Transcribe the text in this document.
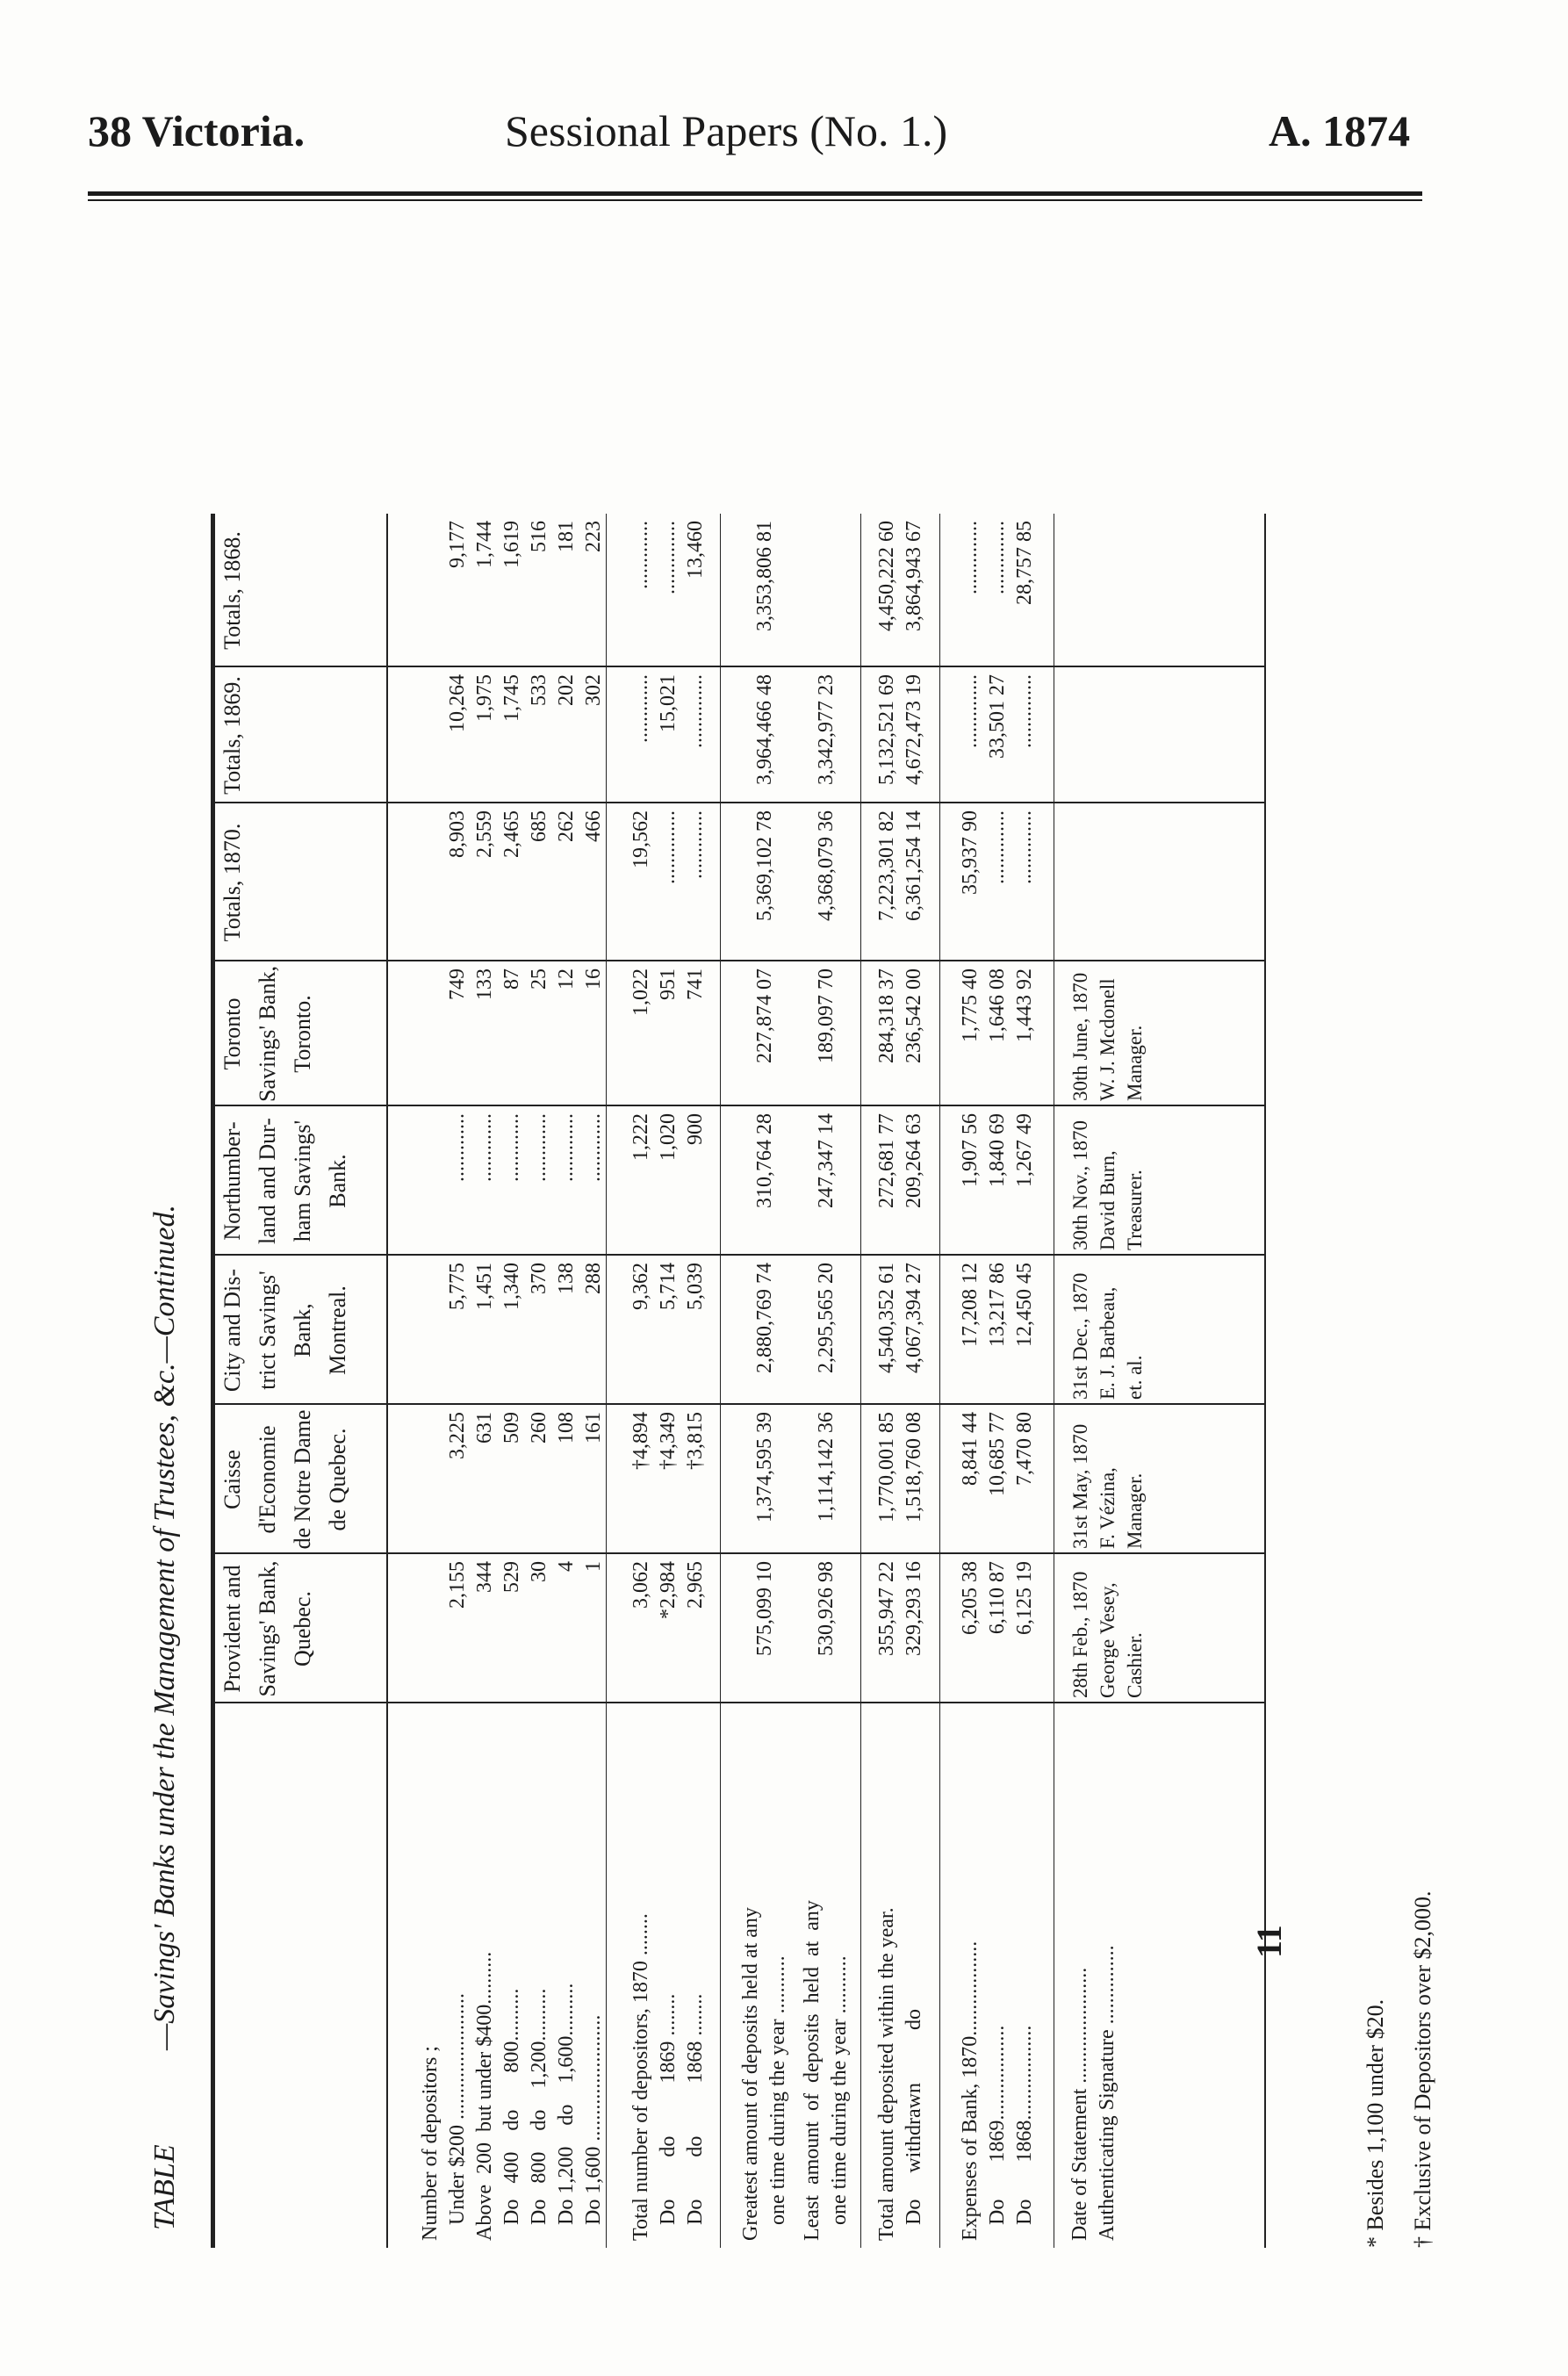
38 Victoria.	Sessional Papers (No. 1.)	A. 1874
TABLE
—Savings' Banks under the Management of Trustees, &c.—Continued. Provident and Savings' Bank, Quebec.
Caisse d'Economie de Notre Dame de Quebec.
City and Dis- trict Savings' Bank, Montreal.
Northumber- land and Dur- ham Savings' Bank.
Toronto Savings' Bank, Toronto.
Totals, 1870.
Totals, 1869.
Totals, 1868.
Number of depositors ; Under $200 ........................ Above  200  but under $400.......... Do   400    do       800.......... Do   800    do    1,200.......... Do 1,200    do    1,600.......... Do 1,600 ........................
2,155 344 529 30 4 1
3,225 631 509 260 108 161
5,775 1,451 1,340 370 138 288
............. ............. ............. ............. ............. .............
749 133 87 25 12 16
8,903 2,559 2,465 685 262 466
10,264 1,975 1,745 533 202 302
9,177 1,744 1,619 516 181 223
Total number of depositors, 1870 ........ Do        do          1869 ........ Do        do          1868 ........
3,062 *2,984 2,965
†4,894 †4,349 †3,815
9,362 5,714 5,039
1,222 1,020 900
1,022 951 741
19,562 .............. .............
............. 15,021 ..............
............. .............. 13,460
Greatest amount of deposits held at any one time during the year ...........
575,099 10
1,374,595 39
2,880,769 74
310,764 28
227,874 07
5,369,102 78
3,964,466 48
3,353,806 81
Least  amount  of  deposits  held  at  any one time during the year ...........
530,926 98
1,114,142 36
2,295,565 20
247,347 14
189,097 70
4,368,079 36
3,342,977 23
Total amount deposited within the year. Do     withdrawn          do
355,947 22 329,293 16
1,770,001 85 1,518,760 08
4,540,352 61 4,067,394 27
272,681 77 209,264 63
284,318 37 236,542 00
7,223,301 82 6,361,254 14
5,132,521 69 4,672,473 19
4,450,222 60 3,864,943 67
Expenses of Bank, 1870.................. Do       1869.................. Do       1868..................
6,205 38 6,110 87 6,125 19
8,841 44 10,685 77 7,470 80
17,208 12 13,217 86 12,450 45
1,907 56 1,840 69 1,267 49
1,775 40 1,646 08 1,443 92
35,937 90 .............. ..............
.............. 33,501 27 ..............
.............. .............. 28,757 85
Date of Statement ...................... Authenticating Signature ...............
28th Feb., 1870 George Vesey, Cashier.
31st May, 1870 F. Vézina, Manager.
31st Dec., 1870 E. J. Barbeau, et. al.
30th Nov., 1870 David Burn, Treasurer.
30th June, 1870 W. J. Mcdonell Manager.
11
* Besides 1,100 under $20. † Exclusive of Depositors over $2,000.
